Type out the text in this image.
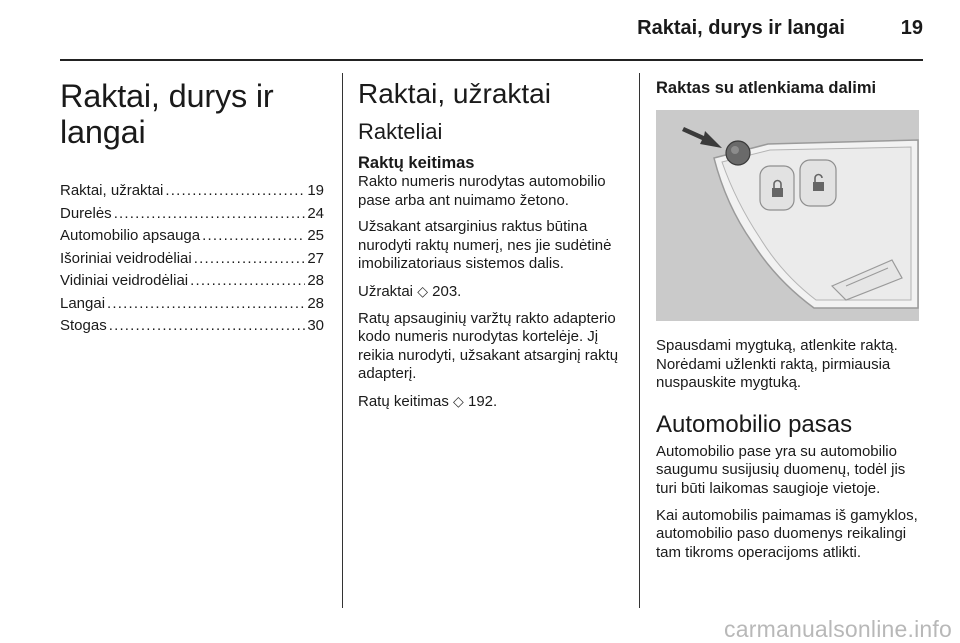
Raktai, durys ir langai	19
Raktai, durys ir langai
Raktai, užraktai .....	19
Durelės .....	24
Automobilio apsauga .....	25
Išoriniai veidrodėliai .....	27
Vidiniai veidrodėliai .....	28
Langai .....	28
Stogas .....	30
Raktai, užraktai
Rakteliai
Raktų keitimas

Rakto numeris nurodytas automobilio pase arba ant nuimamo žetono.

Užsakant atsarginius raktus būtina nurodyti raktų numerį, nes jie sudėtinė imobilizatoriaus sistemos dalis.

Užraktai ◇ 203.

Ratų apsauginių varžtų rakto adapterio kodo numeris nurodytas kortelėje. Jį reikia nurodyti, užsakant atsarginį raktų adapterį.

Ratų keitimas ◇ 192.

Raktas su atlenkiama dalimi

Spausdami mygtuką, atlenkite raktą. Norėdami užlenkti raktą, pirmiausia nuspauskite mygtuką.

Automobilio pasas

Automobilio pase yra su automobilio saugumu susijusių duomenų, todėl jis turi būti laikomas saugioje vietoje.

Kai automobilis paimamas iš gamyklos, automobilio paso duomenys reikalingi tam tikroms operacijoms atlikti.

carmanualsonline.info
